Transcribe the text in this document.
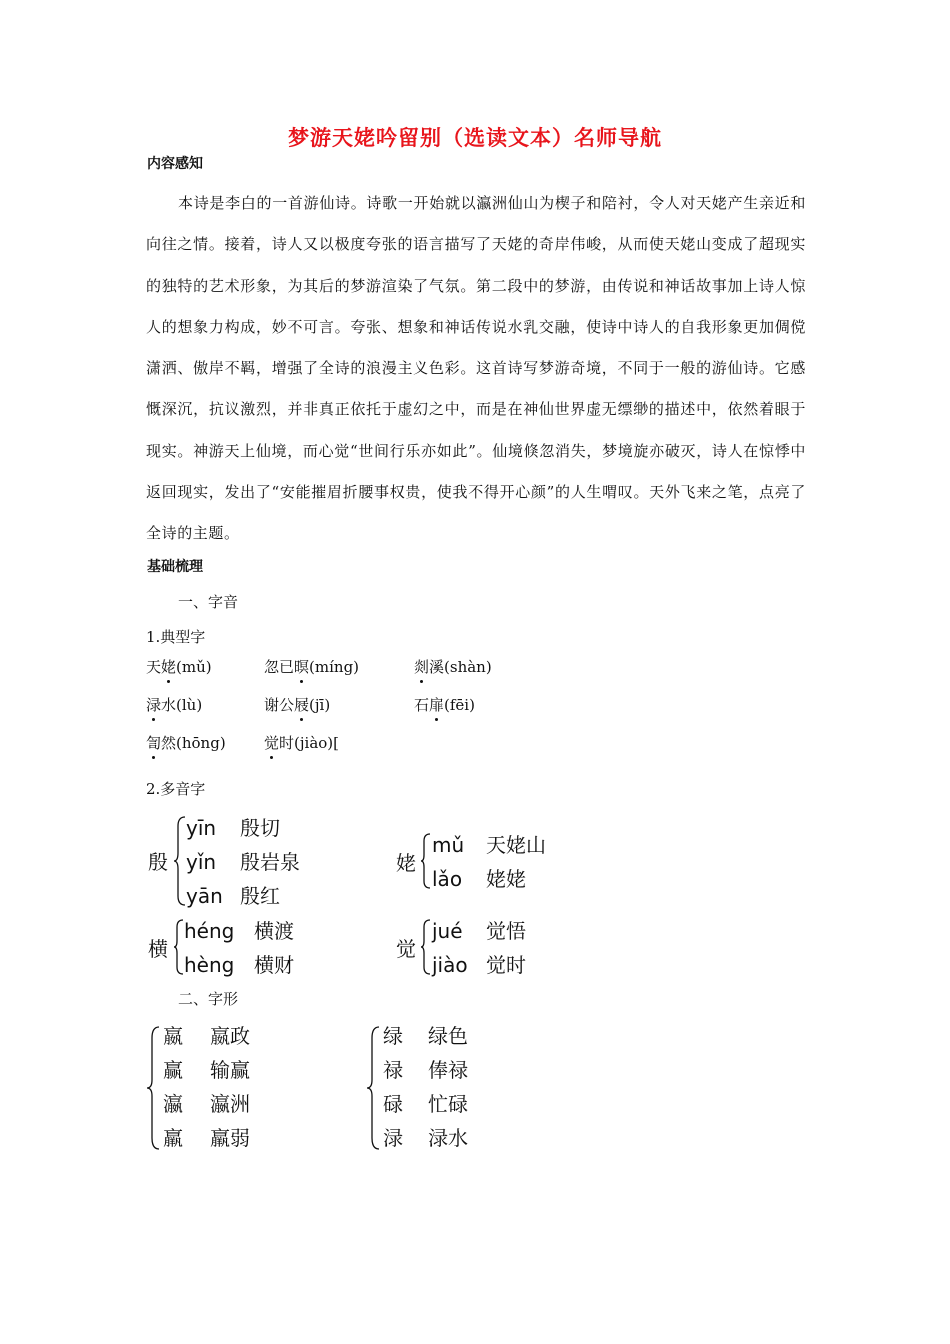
梦游天姥吟留别（选读文本）名师导航
内容感知

本诗是李白的一首游仙诗。诗歌一开始就以瀛洲仙山为楔子和陪衬，令人对天姥产生亲近和向往之情。接着，诗人又以极度夸张的语言描写了天姥的奇岸伟峻，从而使天姥山变成了超现实的独特的艺术形象，为其后的梦游渲染了气氛。第二段中的梦游，由传说和神话故事加上诗人惊人的想象力构成，妙不可言。夸张、想象和神话传说水乳交融，使诗中诗人的自我形象更加倜傥潇洒、傲岸不羁，增强了全诗的浪漫主义色彩。这首诗写梦游奇境，不同于一般的游仙诗。它感慨深沉，抗议激烈，并非真正依托于虚幻之中，而是在神仙世界虚无缥缈的描述中，依然着眼于现实。神游天上仙境，而心觉“世间行乐亦如此”。仙境倏忽消失，梦境旋亦破灭，诗人在惊悸中返回现实，发出了“安能摧眉折腰事权贵，使我不得开心颜”的人生喟叹。天外飞来之笔，点亮了全诗的主题。

基础梳理
一、字音
1.典型字
天姥(mǔ)	忽已暝(míng)	剡溪(shàn)
渌水(lù)	谢公屐(jī)	石扉(fēi)
訇然(hōng)	觉时(jiào)[
2.多音字
殷
yīn 殷切
yǐn 殷岩泉
yān 殷红
姥
mǔ 天姥山
lǎo 姥姥
横
héng 横渡
hèng 横财
觉
jué 觉悟
jiào 觉时
二、字形
嬴 嬴政
赢 输赢
瀛 瀛洲
羸 羸弱
绿 绿色
禄 俸禄
碌 忙碌
渌 渌水
